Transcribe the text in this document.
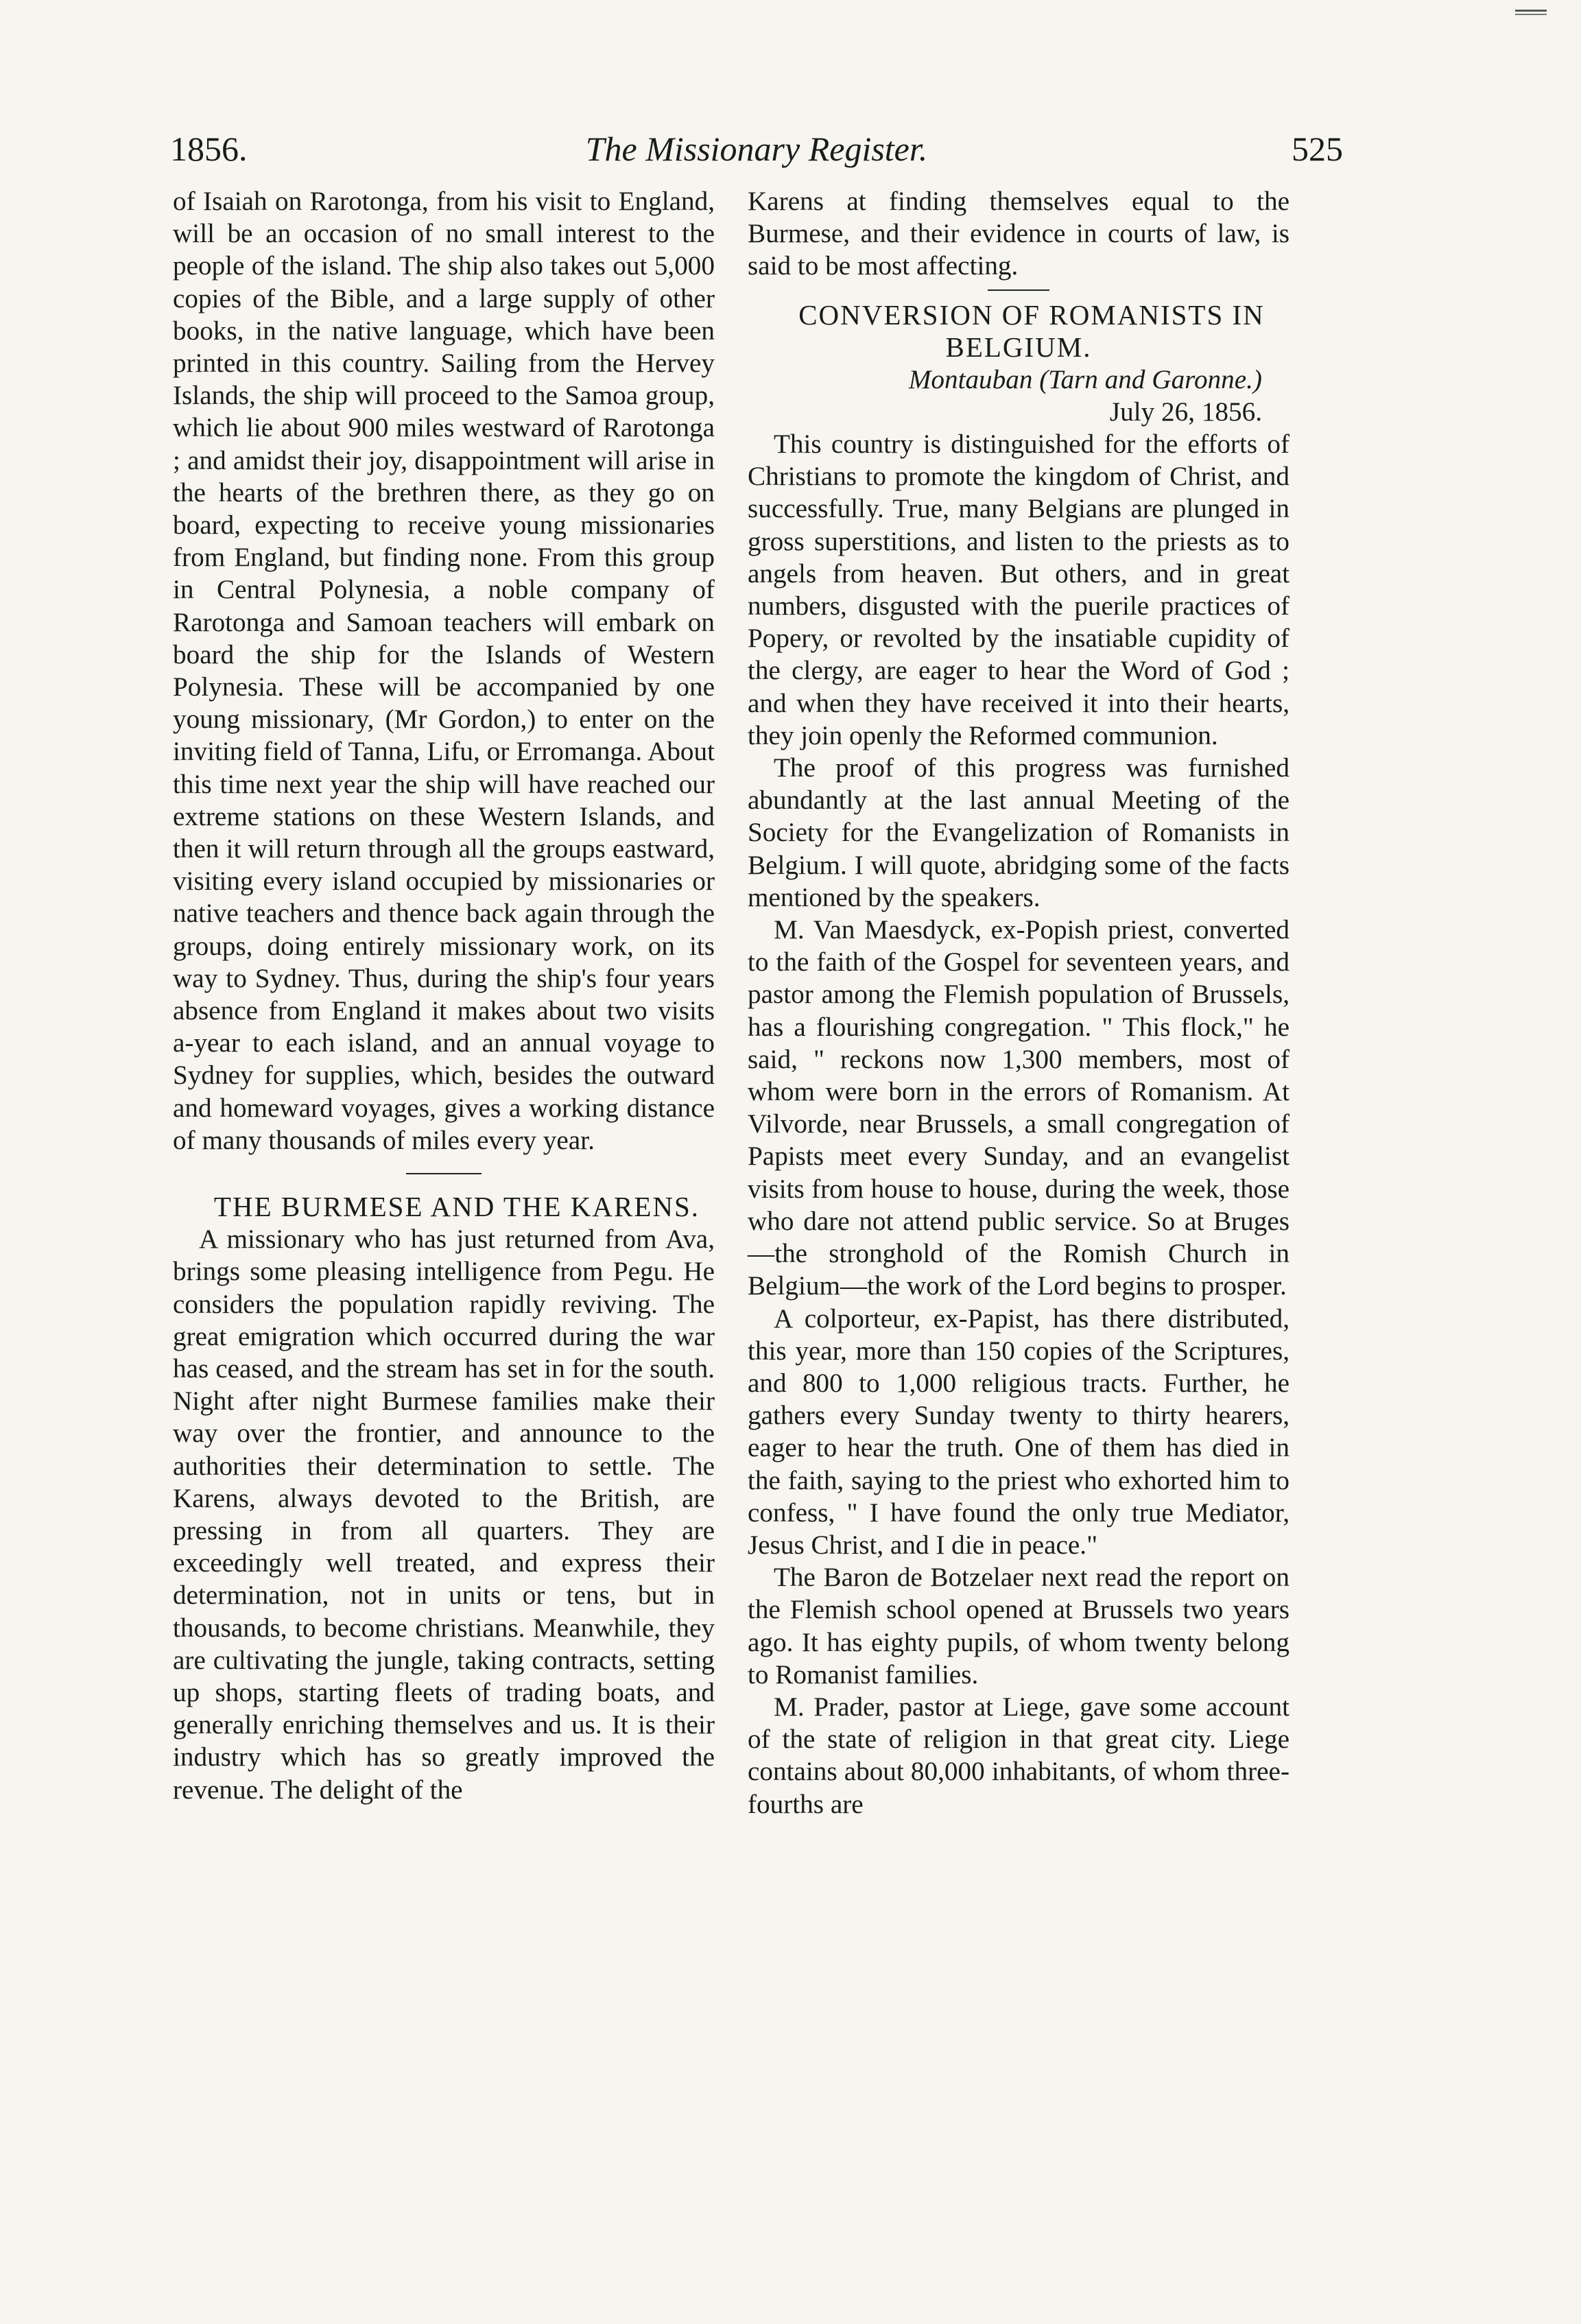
1856.	The Missionary Register.	525

of Isaiah on Rarotonga, from his visit to England, will be an occasion of no small interest to the people of the island. The ship also takes out 5,000 copies of the Bible, and a large supply of other books, in the native language, which have been printed in this country. Sailing from the Hervey Islands, the ship will proceed to the Samoa group, which lie about 900 miles westward of Rarotonga ; and amidst their joy, disappointment will arise in the hearts of the brethren there, as they go on board, expecting to receive young missionaries from England, but finding none. From this group in Central Polynesia, a noble company of Rarotonga and Samoan teachers will embark on board the ship for the Islands of Western Polynesia. These will be accompanied by one young missionary, (Mr Gordon,) to enter on the inviting field of Tanna, Lifu, or Erromanga. About this time next year the ship will have reached our extreme stations on these Western Islands, and then it will return through all the groups eastward, visiting every island occupied by missionaries or native teachers and thence back again through the groups, doing entirely missionary work, on its way to Sydney. Thus, during the ship's four years absence from England it makes about two visits a-year to each island, and an annual voyage to Sydney for supplies, which, besides the outward and homeward voyages, gives a working distance of many thousands of miles every year.

THE BURMESE AND THE KARENS.

A missionary who has just returned from Ava, brings some pleasing intelligence from Pegu. He considers the population rapidly reviving. The great emigration which occurred during the war has ceased, and the stream has set in for the south. Night after night Burmese families make their way over the frontier, and announce to the authorities their determination to settle. The Karens, always devoted to the British, are pressing in from all quarters. They are exceedingly well treated, and express their determination, not in units or tens, but in thousands, to become christians. Meanwhile, they are cultivating the jungle, taking contracts, setting up shops, starting fleets of trading boats, and generally enriching themselves and us. It is their industry which has so greatly improved the revenue. The delight of the

Karens at finding themselves equal to the Burmese, and their evidence in courts of law, is said to be most affecting.

CONVERSION OF ROMANISTS IN BELGIUM.

Montauban (Tarn and Garonne.)

July 26, 1856.

This country is distinguished for the efforts of Christians to promote the kingdom of Christ, and successfully. True, many Belgians are plunged in gross superstitions, and listen to the priests as to angels from heaven. But others, and in great numbers, disgusted with the puerile practices of Popery, or revolted by the insatiable cupidity of the clergy, are eager to hear the Word of God ; and when they have received it into their hearts, they join openly the Reformed communion.

The proof of this progress was furnished abundantly at the last annual Meeting of the Society for the Evangelization of Romanists in Belgium. I will quote, abridging some of the facts mentioned by the speakers.

M. Van Maesdyck, ex-Popish priest, converted to the faith of the Gospel for seventeen years, and pastor among the Flemish population of Brussels, has a flourishing congregation. " This flock," he said, " reckons now 1,300 members, most of whom were born in the errors of Romanism. At Vilvorde, near Brussels, a small congregation of Papists meet every Sunday, and an evangelist visits from house to house, during the week, those who dare not attend public service. So at Bruges—the stronghold of the Romish Church in Belgium—the work of the Lord begins to prosper.

A colporteur, ex-Papist, has there distributed, this year, more than 150 copies of the Scriptures, and 800 to 1,000 religious tracts. Further, he gathers every Sunday twenty to thirty hearers, eager to hear the truth. One of them has died in the faith, saying to the priest who exhorted him to confess, " I have found the only true Mediator, Jesus Christ, and I die in peace."

The Baron de Botzelaer next read the report on the Flemish school opened at Brussels two years ago. It has eighty pupils, of whom twenty belong to Romanist families.

M. Prader, pastor at Liege, gave some account of the state of religion in that great city. Liege contains about 80,000 inhabitants, of whom three-fourths are
